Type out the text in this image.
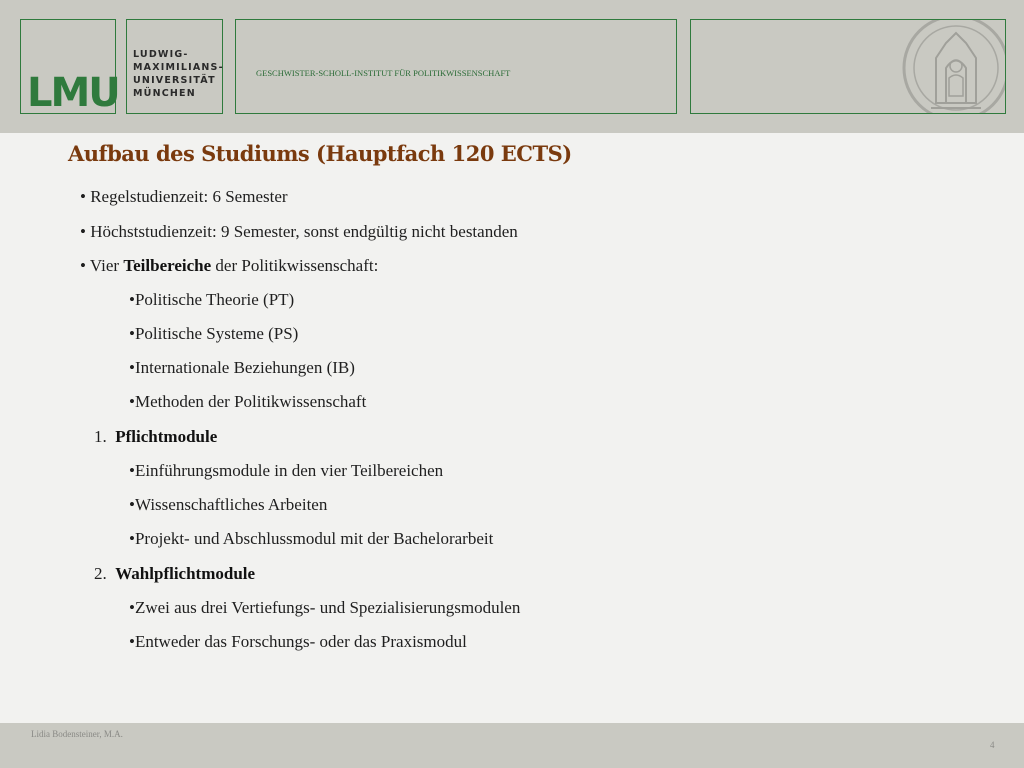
LMU
LUDWIG-
MAXIMILIANS-
UNIVERSITÄT
MÜNCHEN
GESCHWISTER-SCHOLL-INSTITUT FÜR POLITIKWISSENSCHAFT
Aufbau des Studiums (Hauptfach 120 ECTS)
• Regelstudienzeit: 6 Semester
• Höchststudienzeit: 9 Semester, sonst endgültig nicht bestanden
• Vier Teilbereiche der Politikwissenschaft:
•Politische Theorie (PT)
•Politische Systeme (PS)
•Internationale Beziehungen (IB)
•Methoden der Politikwissenschaft
1. Pflichtmodule
•Einführungsmodule in den vier Teilbereichen
•Wissenschaftliches Arbeiten
•Projekt- und Abschlussmodul mit der Bachelorarbeit
2. Wahlpflichtmodule
•Zwei aus drei Vertiefungs- und Spezialisierungsmodulen
•Entweder das Forschungs- oder das Praxismodul
Lidia Bodensteiner, M.A.
4
